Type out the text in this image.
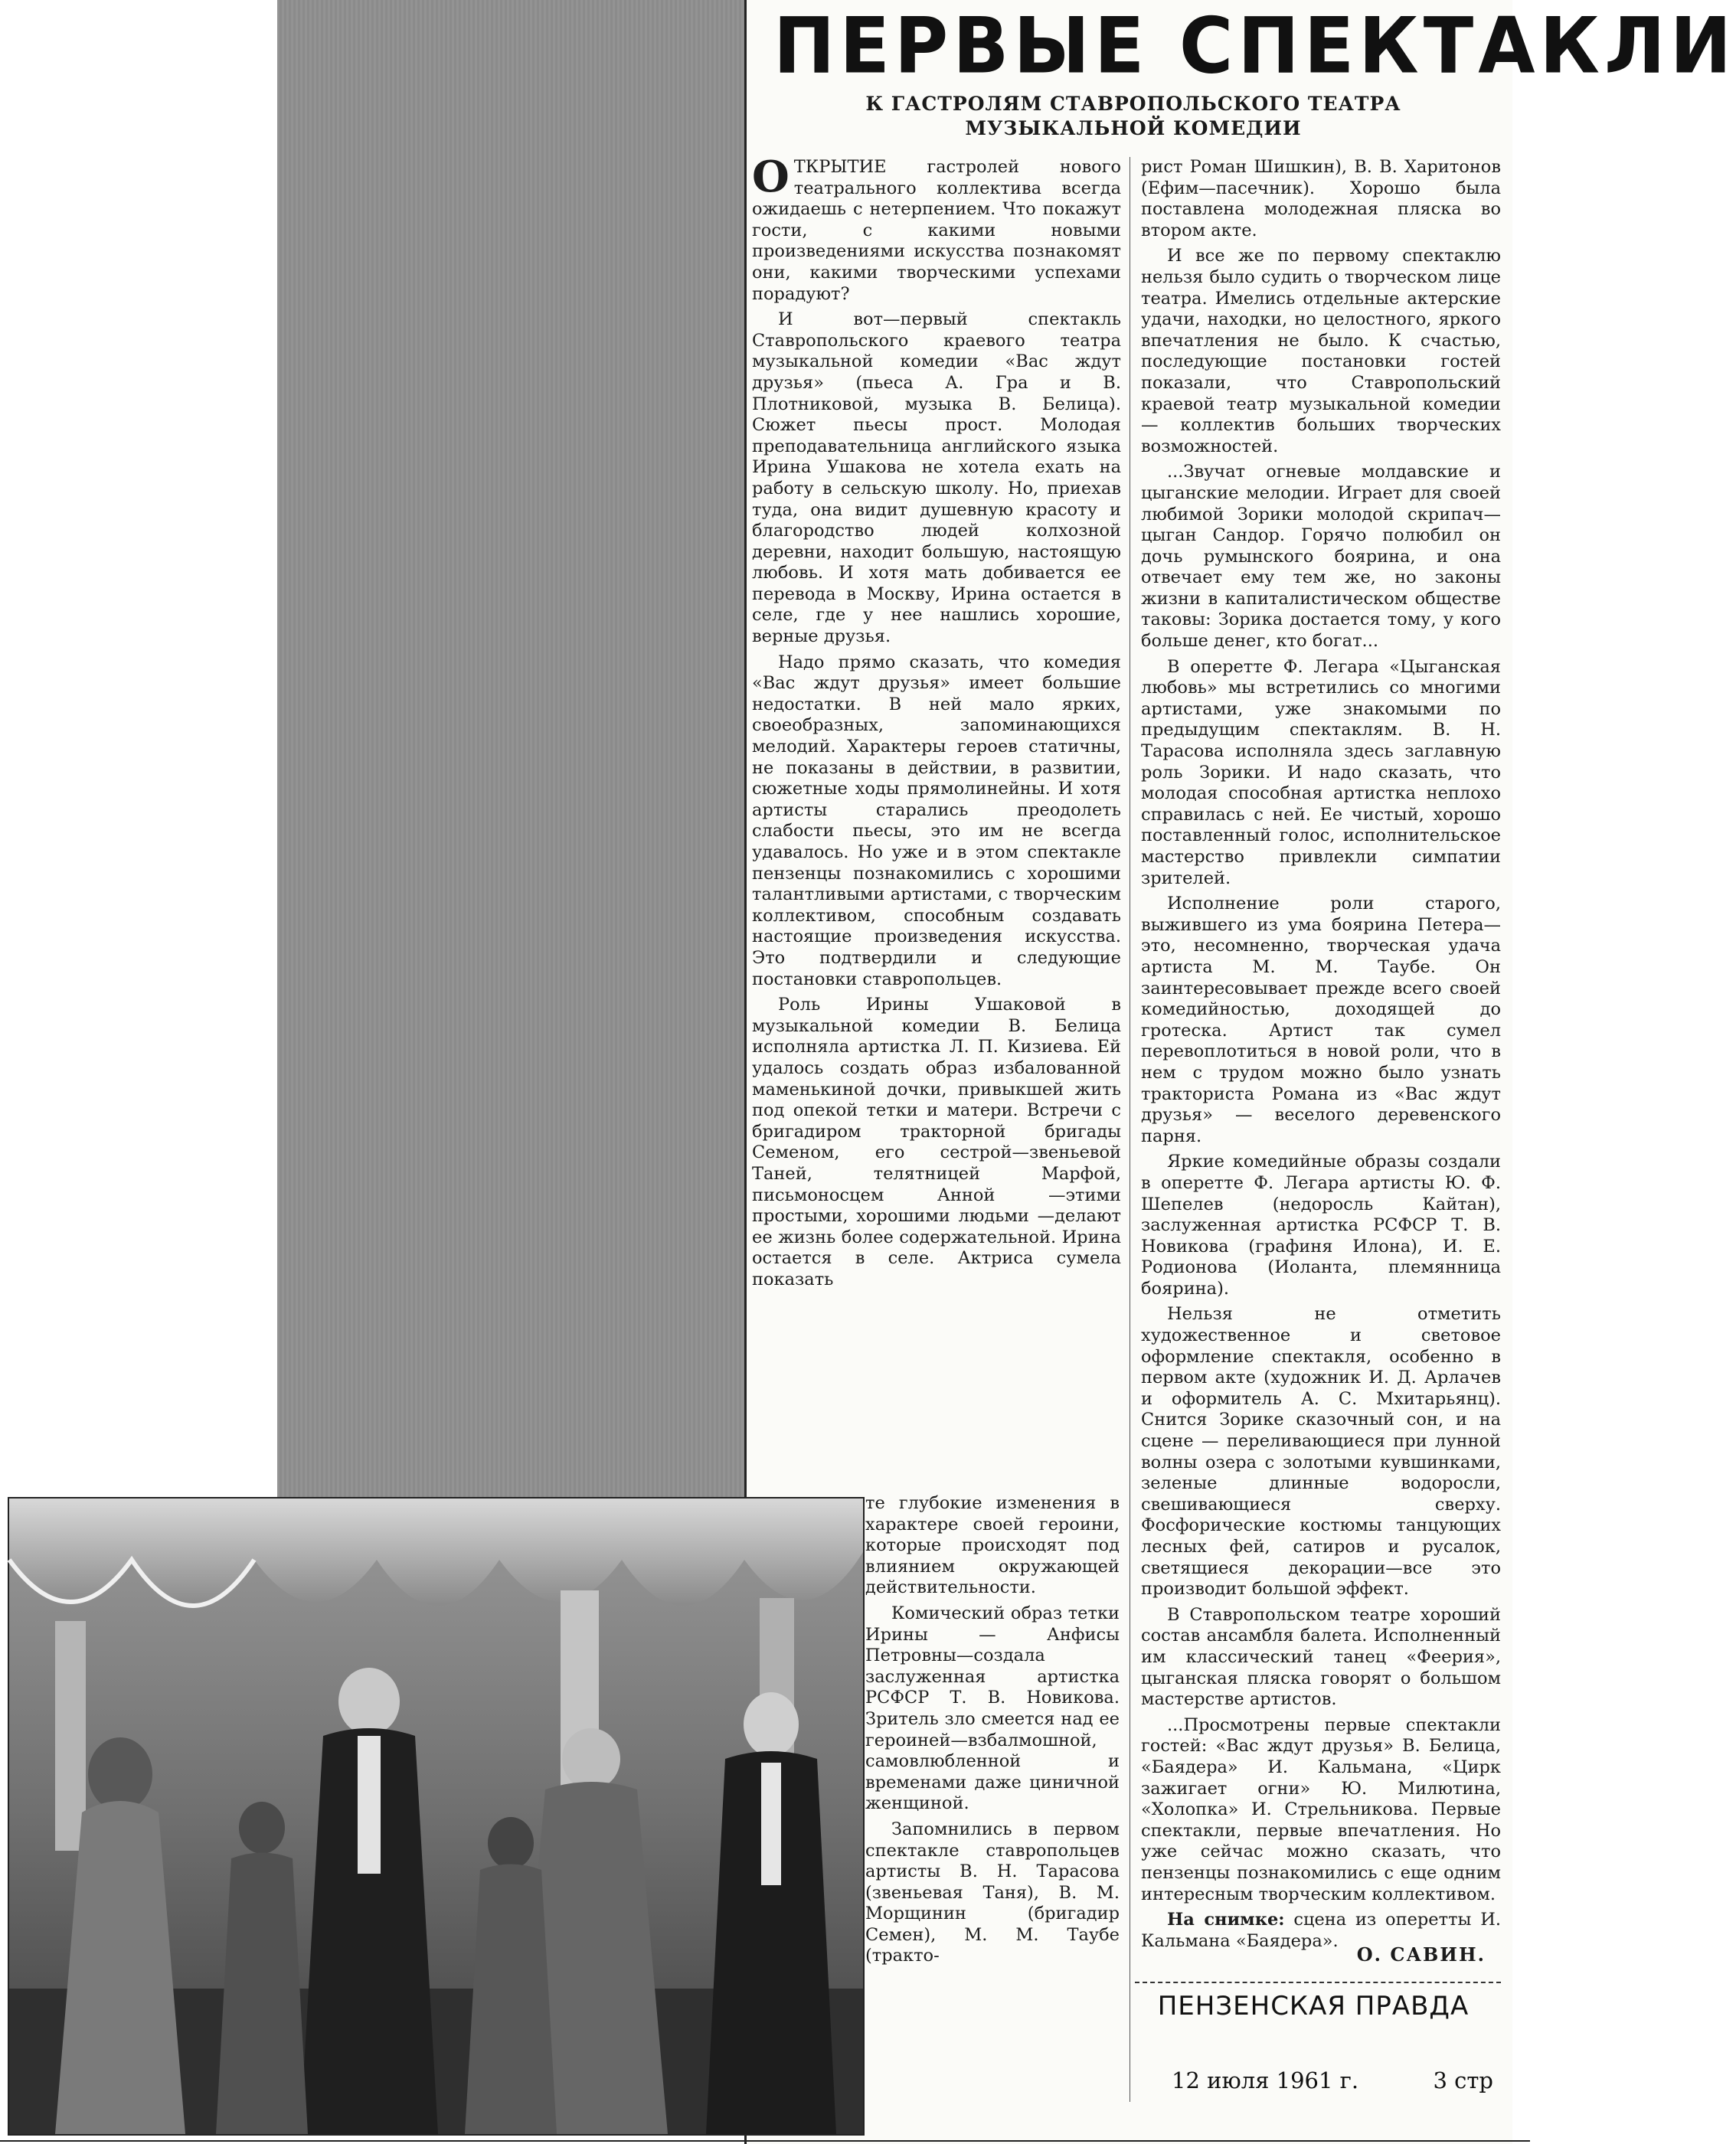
ПЕРВЫЕ СПЕКТАКЛИ
К ГАСТРОЛЯМ СТАВРОПОЛЬСКОГО ТЕАТРА МУЗЫКАЛЬНОЙ КОМЕДИИ

ОТКРЫТИЕ гастролей нового театрального коллектива всегда ожидаешь с нетерпением. Что покажут гости, с какими новыми произведениями искусства познакомят они, какими творческими успехами порадуют?

И вот—первый спектакль Ставропольского краевого театра музыкальной комедии «Вас ждут друзья» (пьеса А. Гра и В. Плотниковой, музыка В. Белица). Сюжет пьесы прост. Молодая преподавательница английского языка Ирина Ушакова не хотела ехать на работу в сельскую школу. Но, приехав туда, она видит душевную красоту и благородство людей колхозной деревни, находит большую, настоящую любовь. И хотя мать добивается ее перевода в Москву, Ирина остается в селе, где у нее нашлись хорошие, верные друзья.

Надо прямо сказать, что комедия «Вас ждут друзья» имеет большие недостатки. В ней мало ярких, своеобразных, запоминающихся мелодий. Характеры героев статичны, не показаны в действии, в развитии, сюжетные ходы прямолинейны. И хотя артисты старались преодолеть слабости пьесы, это им не всегда удавалось. Но уже и в этом спектакле пензенцы познакомились с хорошими талантливыми артистами, с творческим коллективом, способным создавать настоящие произведения искусства. Это подтвердили и следующие постановки ставропольцев.

Роль Ирины Ушаковой в музыкальной комедии В. Белица исполняла артистка Л. П. Кизиева. Ей удалось создать образ избалованной маменькиной дочки, привыкшей жить под опекой тетки и матери. Встречи с бригадиром тракторной бригады Семеном, его сестрой—звеньевой Таней, телятницей Марфой, письмоносцем Анной —этими простыми, хорошими людьми —делают ее жизнь более содержательной. Ирина остается в селе. Актриса сумела показать

те глубокие изменения в характере своей героини, которые происходят под влиянием окружающей действительности.

Комический образ тетки Ирины — Анфисы Петровны—создала заслуженная артистка РСФСР Т. В. Новикова. Зритель зло смеется над ее героиней—взбалмошной, самовлюбленной и временами даже циничной женщиной.

Запомнились в первом спектакле ставропольцев артисты В. Н. Тарасова (звеньевая Таня), В. М. Морщинин (бригадир Семен), М. М. Таубе (тракто-

рист Роман Шишкин), В. В. Харитонов (Ефим—пасечник). Хорошо была поставлена молодежная пляска во втором акте.

И все же по первому спектаклю нельзя было судить о творческом лице театра. Имелись отдельные актерские удачи, находки, но целостного, яркого впечатления не было. К счастью, последующие постановки гостей показали, что Ставропольский краевой театр музыкальной комедии — коллектив больших творческих возможностей.

...Звучат огневые молдавские и цыганские мелодии. Играет для своей любимой Зорики молодой скрипач—цыган Сандор. Горячо полюбил он дочь румынского боярина, и она отвечает ему тем же, но законы жизни в капиталистическом обществе таковы: Зорика достается тому, у кого больше денег, кто богат...

В оперетте Ф. Легара «Цыганская любовь» мы встретились со многими артистами, уже знакомыми по предыдущим спектаклям. В. Н. Тарасова исполняла здесь заглавную роль Зорики. И надо сказать, что молодая способная артистка неплохо справилась с ней. Ее чистый, хорошо поставленный голос, исполнительское мастерство привлекли симпатии зрителей.

Исполнение роли старого, выжившего из ума боярина Петера—это, несомненно, творческая удача артиста М. М. Таубе. Он заинтересовывает прежде всего своей комедийностью, доходящей до гротеска. Артист так сумел перевоплотиться в новой роли, что в нем с трудом можно было узнать тракториста Романа из «Вас ждут друзья» — веселого деревенского парня.

Яркие комедийные образы создали в оперетте Ф. Легара артисты Ю. Ф. Шепелев (недоросль Кайтан), заслуженная артистка РСФСР Т. В. Новикова (графиня Илона), И. Е. Родионова (Иоланта, племянница боярина).

Нельзя не отметить художественное и световое оформление спектакля, особенно в первом акте (художник И. Д. Арлачев и оформитель А. С. Мхитарьянц). Снится Зорике сказочный сон, и на сцене — переливающиеся при лунной волны озера с золотыми кувшинками, зеленые длинные водоросли, свешивающиеся сверху. Фосфорические костюмы танцующих лесных фей, сатиров и русалок, светящиеся декорации—все это производит большой эффект.

В Ставропольском театре хороший состав ансамбля балета. Исполненный им классический танец «Феерия», цыганская пляска говорят о большом мастерстве артистов.

...Просмотрены первые спектакли гостей: «Вас ждут друзья» В. Белица, «Баядера» И. Кальмана, «Цирк зажигает огни» Ю. Милютина, «Холопка» И. Стрельникова. Первые спектакли, первые впечатления. Но уже сейчас можно сказать, что пензенцы познакомились с еще одним интересным творческим коллективом.

На снимке: сцена из оперетты И. Кальмана «Баядера».

О. САВИН.
ПЕНЗЕНСКАЯ ПРАВДА
12 июля 1961 г.	3 стр
